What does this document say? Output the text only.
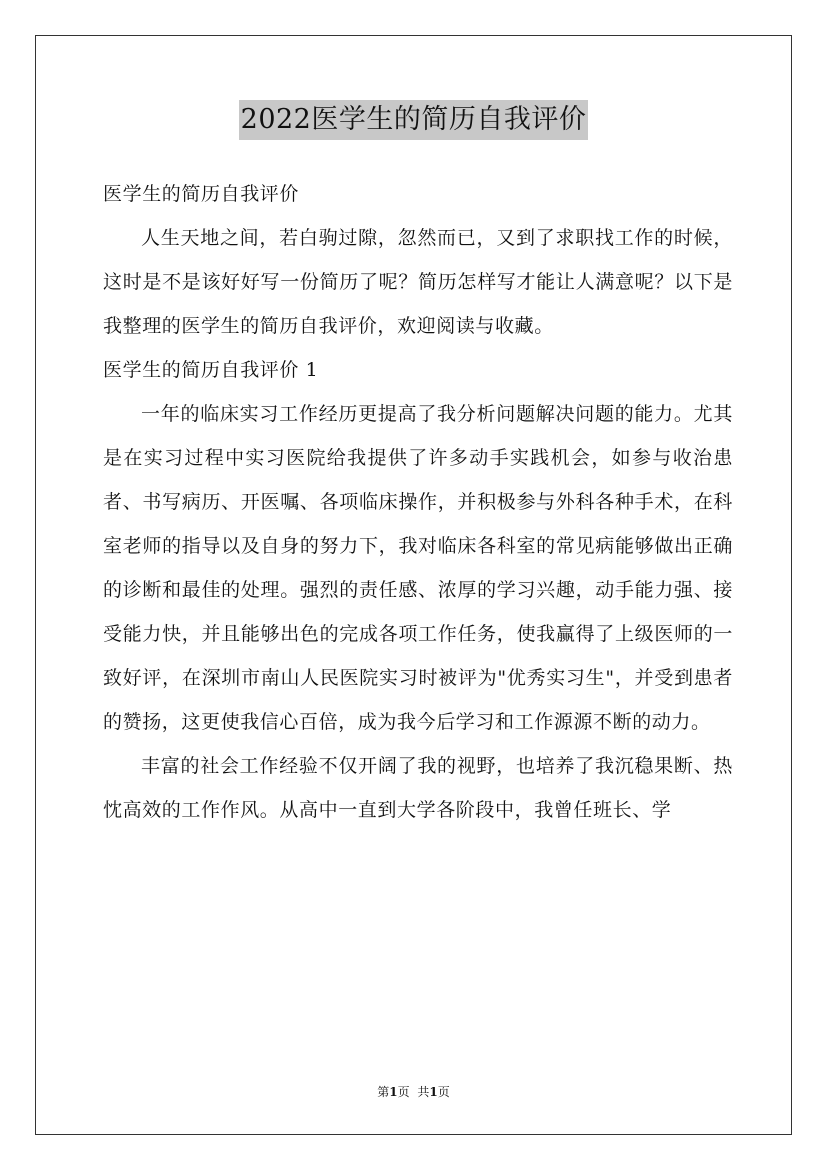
2022医学生的简历自我评价

医学生的简历自我评价

人生天地之间，若白驹过隙，忽然而已，又到了求职找工作的时候，这时是不是该好好写一份简历了呢？简历怎样写才能让人满意呢？以下是我整理的医学生的简历自我评价，欢迎阅读与收藏。

医学生的简历自我评价 1

一年的临床实习工作经历更提高了我分析问题解决问题的能力。尤其是在实习过程中实习医院给我提供了许多动手实践机会，如参与收治患者、书写病历、开医嘱、各项临床操作，并积极参与外科各种手术，在科室老师的指导以及自身的努力下，我对临床各科室的常见病能够做出正确的诊断和最佳的处理。强烈的责任感、浓厚的学习兴趣，动手能力强、接受能力快，并且能够出色的完成各项工作任务，使我赢得了上级医师的一致好评，在深圳市南山人民医院实习时被评为"优秀实习生"，并受到患者的赞扬，这更使我信心百倍，成为我今后学习和工作源源不断的动力。

丰富的社会工作经验不仅开阔了我的视野，也培养了我沉稳果断、热忱高效的工作作风。从高中一直到大学各阶段中，我曾任班长、学

第1页 共1页
